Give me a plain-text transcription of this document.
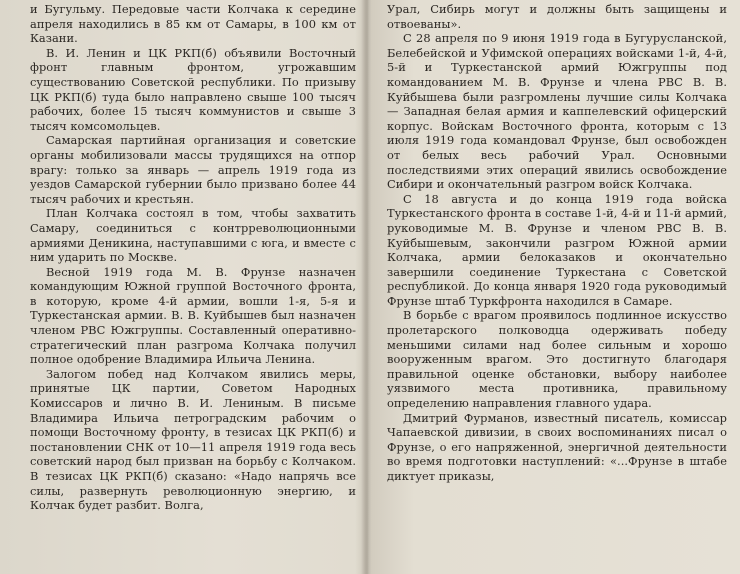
и Бугульму. Передовые части Колчака к середине апреля находились в 85 км от Самары, в 100 км от Казани.

В. И. Ленин и ЦК РКП(б) объявили Восточный фронт главным фронтом, угрожавшим существованию Советской республики. По призыву ЦК РКП(б) туда было направлено свыше 100 тысяч рабочих, более 15 тысяч коммунистов и свыше 3 тысяч комсомольцев.

Самарская партийная организация и советские органы мобилизовали массы трудящихся на отпор врагу: только за январь — апрель 1919 года из уездов Самарской губернии было призвано более 44 тысяч рабочих и крестьян.

План Колчака состоял в том, чтобы захватить Самару, соединиться с контрреволюционными армиями Деникина, наступавшими с юга, и вместе с ним ударить по Москве.

Весной 1919 года М. В. Фрунзе назначен командующим Южной группой Восточного фронта, в которую, кроме 4-й армии, вошли 1-я, 5-я и Туркестанская армии. В. В. Куйбышев был назначен членом РВС Южгруппы. Составленный оперативно-стратегический план разгрома Колчака получил полное одобрение Владимира Ильича Ленина.

Залогом побед над Колчаком явились меры, принятые ЦК партии, Советом Народных Комиссаров и лично В. И. Лениным. В письме Владимира Ильича петроградским рабочим о помощи Восточному фронту, в тезисах ЦК РКП(б) и постановлении СНК от 10—11 апреля 1919 года весь советский народ был призван на борьбу с Колчаком. В тезисах ЦК РКП(б) сказано: «Надо напрячь все силы, развернуть революционную энергию, и Колчак будет разбит. Волга,

Урал, Сибирь могут и должны быть защищены и отвоеваны».

С 28 апреля по 9 июня 1919 года в Бугурусланской, Белебейской и Уфимской операциях войсками 1-й, 4-й, 5-й и Туркестанской армий Южгруппы под командованием М. В. Фрунзе и члена РВС В. В. Куйбышева были разгромлены лучшие силы Колчака — Западная белая армия и каппелевский офицерский корпус. Войскам Восточного фронта, которым с 13 июля 1919 года командовал Фрунзе, был освобожден от белых весь рабочий Урал. Основными последствиями этих операций явились освобождение Сибири и окончательный разгром войск Колчака.

С 18 августа и до конца 1919 года войска Туркестанского фронта в составе 1-й, 4-й и 11-й армий, руководимые М. В. Фрунзе и членом РВС В. В. Куйбышевым, закончили разгром Южной армии Колчака, армии белоказаков и окончательно завершили соединение Туркестана с Советской республикой. До конца января 1920 года руководимый Фрунзе штаб Туркфронта находился в Самаре.

В борьбе с врагом проявилось подлинное искусство пролетарского полководца одерживать победу меньшими силами над более сильным и хорошо вооруженным врагом. Это достигнуто благодаря правильной оценке обстановки, выбору наиболее уязвимого места противника, правильному определению направления главного удара.

Дмитрий Фурманов, известный писатель, комиссар Чапаевской дивизии, в своих воспоминаниях писал о Фрунзе, о его напряженной, энергичной деятельности во время подготовки наступлений: «...Фрунзе в штабе диктует приказы,
